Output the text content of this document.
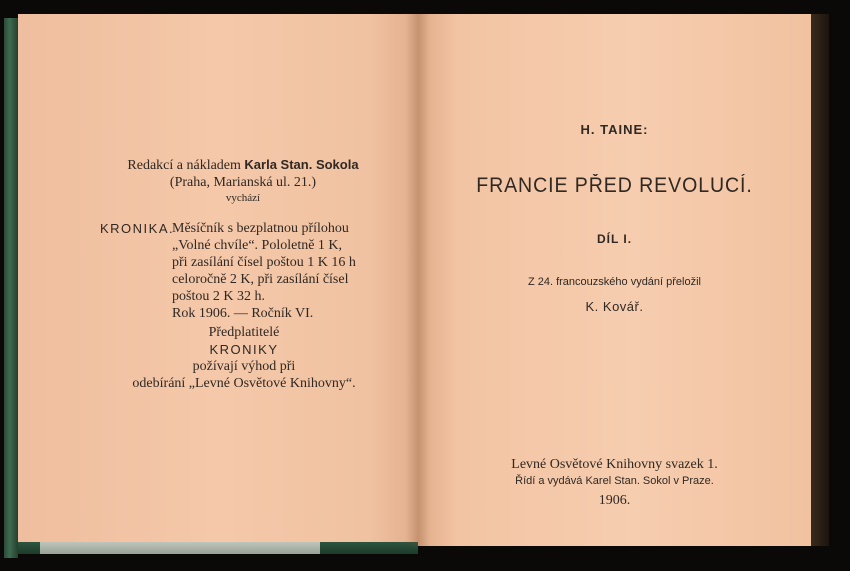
Redakcí a nákladem Karla Stan. Sokola
(Praha, Marianská ul. 21.)
vychází
KRONIKA.
Měsíčník s bezplatnou přílohou
„Volné chvíle“. Pololetně 1 K,
při zasílání čísel poštou 1 K 16 h
celoročně 2 K, při zasílání čísel
poštou 2 K 32 h.
Rok 1906. — Ročník VI.
Předplatitelé
KRONIKY
požívají výhod při
odebírání „Levné Osvětové Knihovny“.
H. TAINE:
FRANCIE PŘED REVOLUCÍ.
DÍL I.
Z 24. francouzského vydání přeložil
K. Kovář.
Levné Osvětové Knihovny svazek 1.
Řídí a vydává Karel Stan. Sokol v Praze.
1906.
